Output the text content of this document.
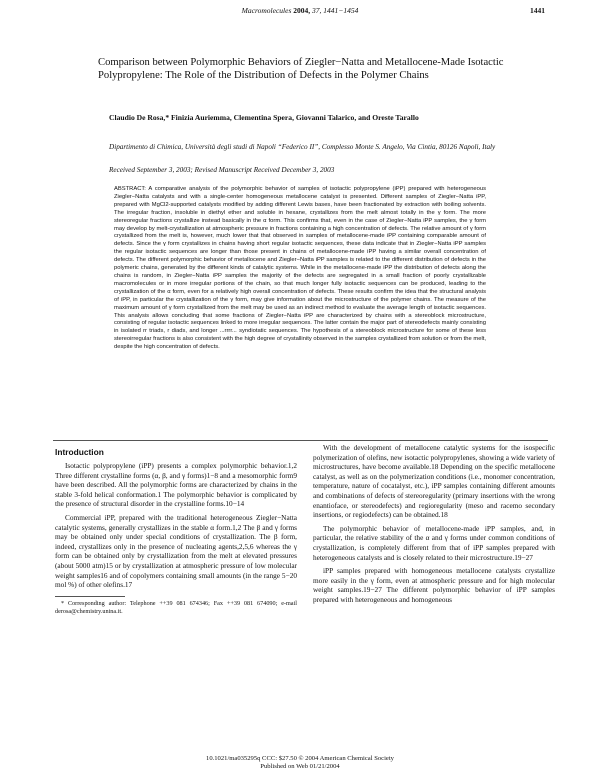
Macromolecules 2004, 37, 1441−1454	1441
Comparison between Polymorphic Behaviors of Ziegler−Natta and Metallocene-Made Isotactic Polypropylene: The Role of the Distribution of Defects in the Polymer Chains
Claudio De Rosa,* Finizia Auriemma, Clementina Spera, Giovanni Talarico, and Oreste Tarallo
Dipartimento di Chimica, Università degli studi di Napoli “Federico II”, Complesso Monte S. Angelo, Via Cintia, 80126 Napoli, Italy
Received September 3, 2003; Revised Manuscript Received December 3, 2003
ABSTRACT: A comparative analysis of the polymorphic behavior of samples of isotactic polypropylene (iPP) prepared with heterogeneous Ziegler−Natta catalysts and with a single-center homogeneous metallocene catalyst is presented. Different samples of Ziegler−Natta iPP, prepared with MgCl2-supported catalysts modified by adding different Lewis bases, have been fractionated by extraction with boiling solvents. The irregular fraction, insoluble in diethyl ether and soluble in hexane, crystallizes from the melt almost totally in the γ form. The more stereoregular fractions crystallize instead basically in the α form. This confirms that, even in the case of Ziegler−Natta iPP samples, the γ form may develop by melt-crystallization at atmospheric pressure in fractions containing a high concentration of defects. The relative amount of γ form crystallized from the melt is, however, much lower that that observed in samples of metallocene-made iPP containing comparable amount of defects. Since the γ form crystallizes in chains having short regular isotactic sequences, these data indicate that in Ziegler−Natta iPP samples the regular isotactic sequences are longer than those present in chains of metallocene-made iPP having a similar overall concentration of defects. The different polymorphic behavior of metallocene and Ziegler−Natta iPP samples is related to the different distribution of defects in the polymeric chains, generated by the different kinds of catalytic systems. While in the metallocene-made iPP the distribution of defects along the chains is random, in Ziegler−Natta iPP samples the majority of the defects are segregated in a small fraction of poorly crystallizable macromolecules or in more irregular portions of the chain, so that much longer fully isotactic sequences can be produced, leading to the crystallization of the α form, even for a relatively high overall concentration of defects. These results confirm the idea that the structural analysis of iPP, in particular the crystallization of the γ form, may give information about the microstructure of the polymer chains. The measure of the maximum amount of γ form crystallized from the melt may be used as an indirect method to evaluate the average length of isotactic sequences. This analysis allows concluding that some fractions of Ziegler−Natta iPP are characterized by chains with a stereoblock microstructure, consisting of regular isotactic sequences linked to more irregular sequences. The latter contain the major part of stereodefects mainly consisting in isolated rr triads, r diads, and longer ...rrrr... syndiotatic sequences. The hypothesis of a stereoblock microstructure for some of these less stereoirregular fractions is also consistent with the high degree of crystallinity observed in the samples crystallized from solution or from the melt, despite the high concentration of defects.
Introduction

Isotactic polypropylene (iPP) presents a complex polymorphic behavior.1,2 Three different crystalline forms (α, β, and γ forms)1−8 and a mesomorphic form9 have been described. All the polymorphic forms are characterized by chains in the stable 3-fold helical conformation.1 The polymorphic behavior is complicated by the presence of structural disorder in the crystalline forms.10−14

Commercial iPP, prepared with the traditional heterogeneous Ziegler−Natta catalytic systems, generally crystallizes in the stable α form.1,2 The β and γ forms may be obtained only under special conditions of crystallization. The β form, indeed, crystallizes only in the presence of nucleating agents,2,5,6 whereas the γ form can be obtained only by crystallization from the melt at elevated pressures (about 5000 atm)15 or by crystallization at atmospheric pressure of low molecular weight samples16 and of copolymers containing small amounts (in the range 5−20 mol %) of other olefins.17

* Corresponding author: Telephone ++39 081 674346; Fax ++39 081 674090; e-mail derosa@chemistry.unina.it.

With the development of metallocene catalytic systems for the isospecific polymerization of olefins, new isotactic polypropylenes, showing a wide variety of microstructures, have become available.18 Depending on the specific metallocene catalyst, as well as on the polymerization conditions (i.e., monomer concentration, temperature, nature of cocatalyst, etc.), iPP samples containing different amounts and combinations of defects of stereoregularity (primary insertions with the wrong enantioface, or stereodefects) and regioregularity (meso and racemo secondary insertions, or regiodefects) can be obtained.18

The polymorphic behavior of metallocene-made iPP samples, and, in particular, the relative stability of the α and γ forms under common conditions of crystallization, is completely different from that of iPP samples prepared with heterogeneous catalysts and is closely related to their microstructure.19−27

iPP samples prepared with homogeneous metallocene catalysts crystallize more easily in the γ form, even at atmospheric pressure and for high molecular weight samples.19−27 The different polymorphic behavior of iPP samples prepared with heterogeneous and homogeneous

10.1021/ma035295q CCC: $27.50 © 2004 American Chemical Society
Published on Web 01/21/2004
